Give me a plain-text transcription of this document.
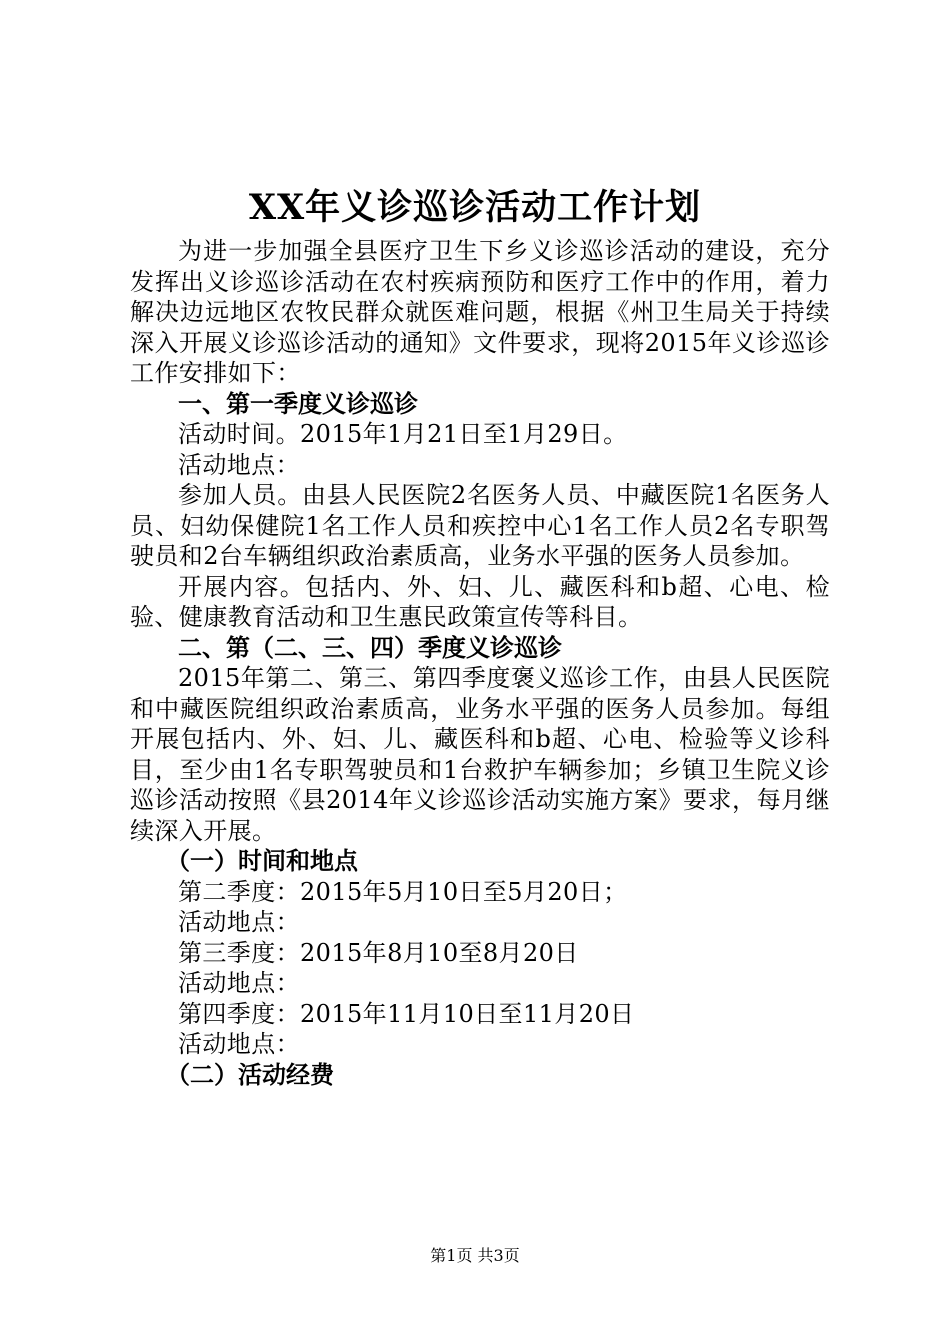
XX年义诊巡诊活动工作计划

为进一步加强全县医疗卫生下乡义诊巡诊活动的建设，充分发挥出义诊巡诊活动在农村疾病预防和医疗工作中的作用，着力解决边远地区农牧民群众就医难问题，根据《州卫生局关于持续深入开展义诊巡诊活动的通知》文件要求，现将2015年义诊巡诊工作安排如下：

一、第一季度义诊巡诊

活动时间。2015年1月21日至1月29日。

活动地点：

参加人员。由县人民医院2名医务人员、中藏医院1名医务人员、妇幼保健院1名工作人员和疾控中心1名工作人员2名专职驾驶员和2台车辆组织政治素质高，业务水平强的医务人员参加。

开展内容。包括内、外、妇、儿、藏医科和b超、心电、检验、健康教育活动和卫生惠民政策宣传等科目。

二、第（二、三、四）季度义诊巡诊

2015年第二、第三、第四季度褒义巡诊工作，由县人民医院和中藏医院组织政治素质高，业务水平强的医务人员参加。每组开展包括内、外、妇、儿、藏医科和b超、心电、检验等义诊科目，至少由1名专职驾驶员和1台救护车辆参加；乡镇卫生院义诊巡诊活动按照《县2014年义诊巡诊活动实施方案》要求，每月继续深入开展。

（一）时间和地点

第二季度：2015年5月10日至5月20日；

活动地点：

第三季度：2015年8月10至8月20日

活动地点：

第四季度：2015年11月10日至11月20日

活动地点：

（二）活动经费

第1页 共3页
